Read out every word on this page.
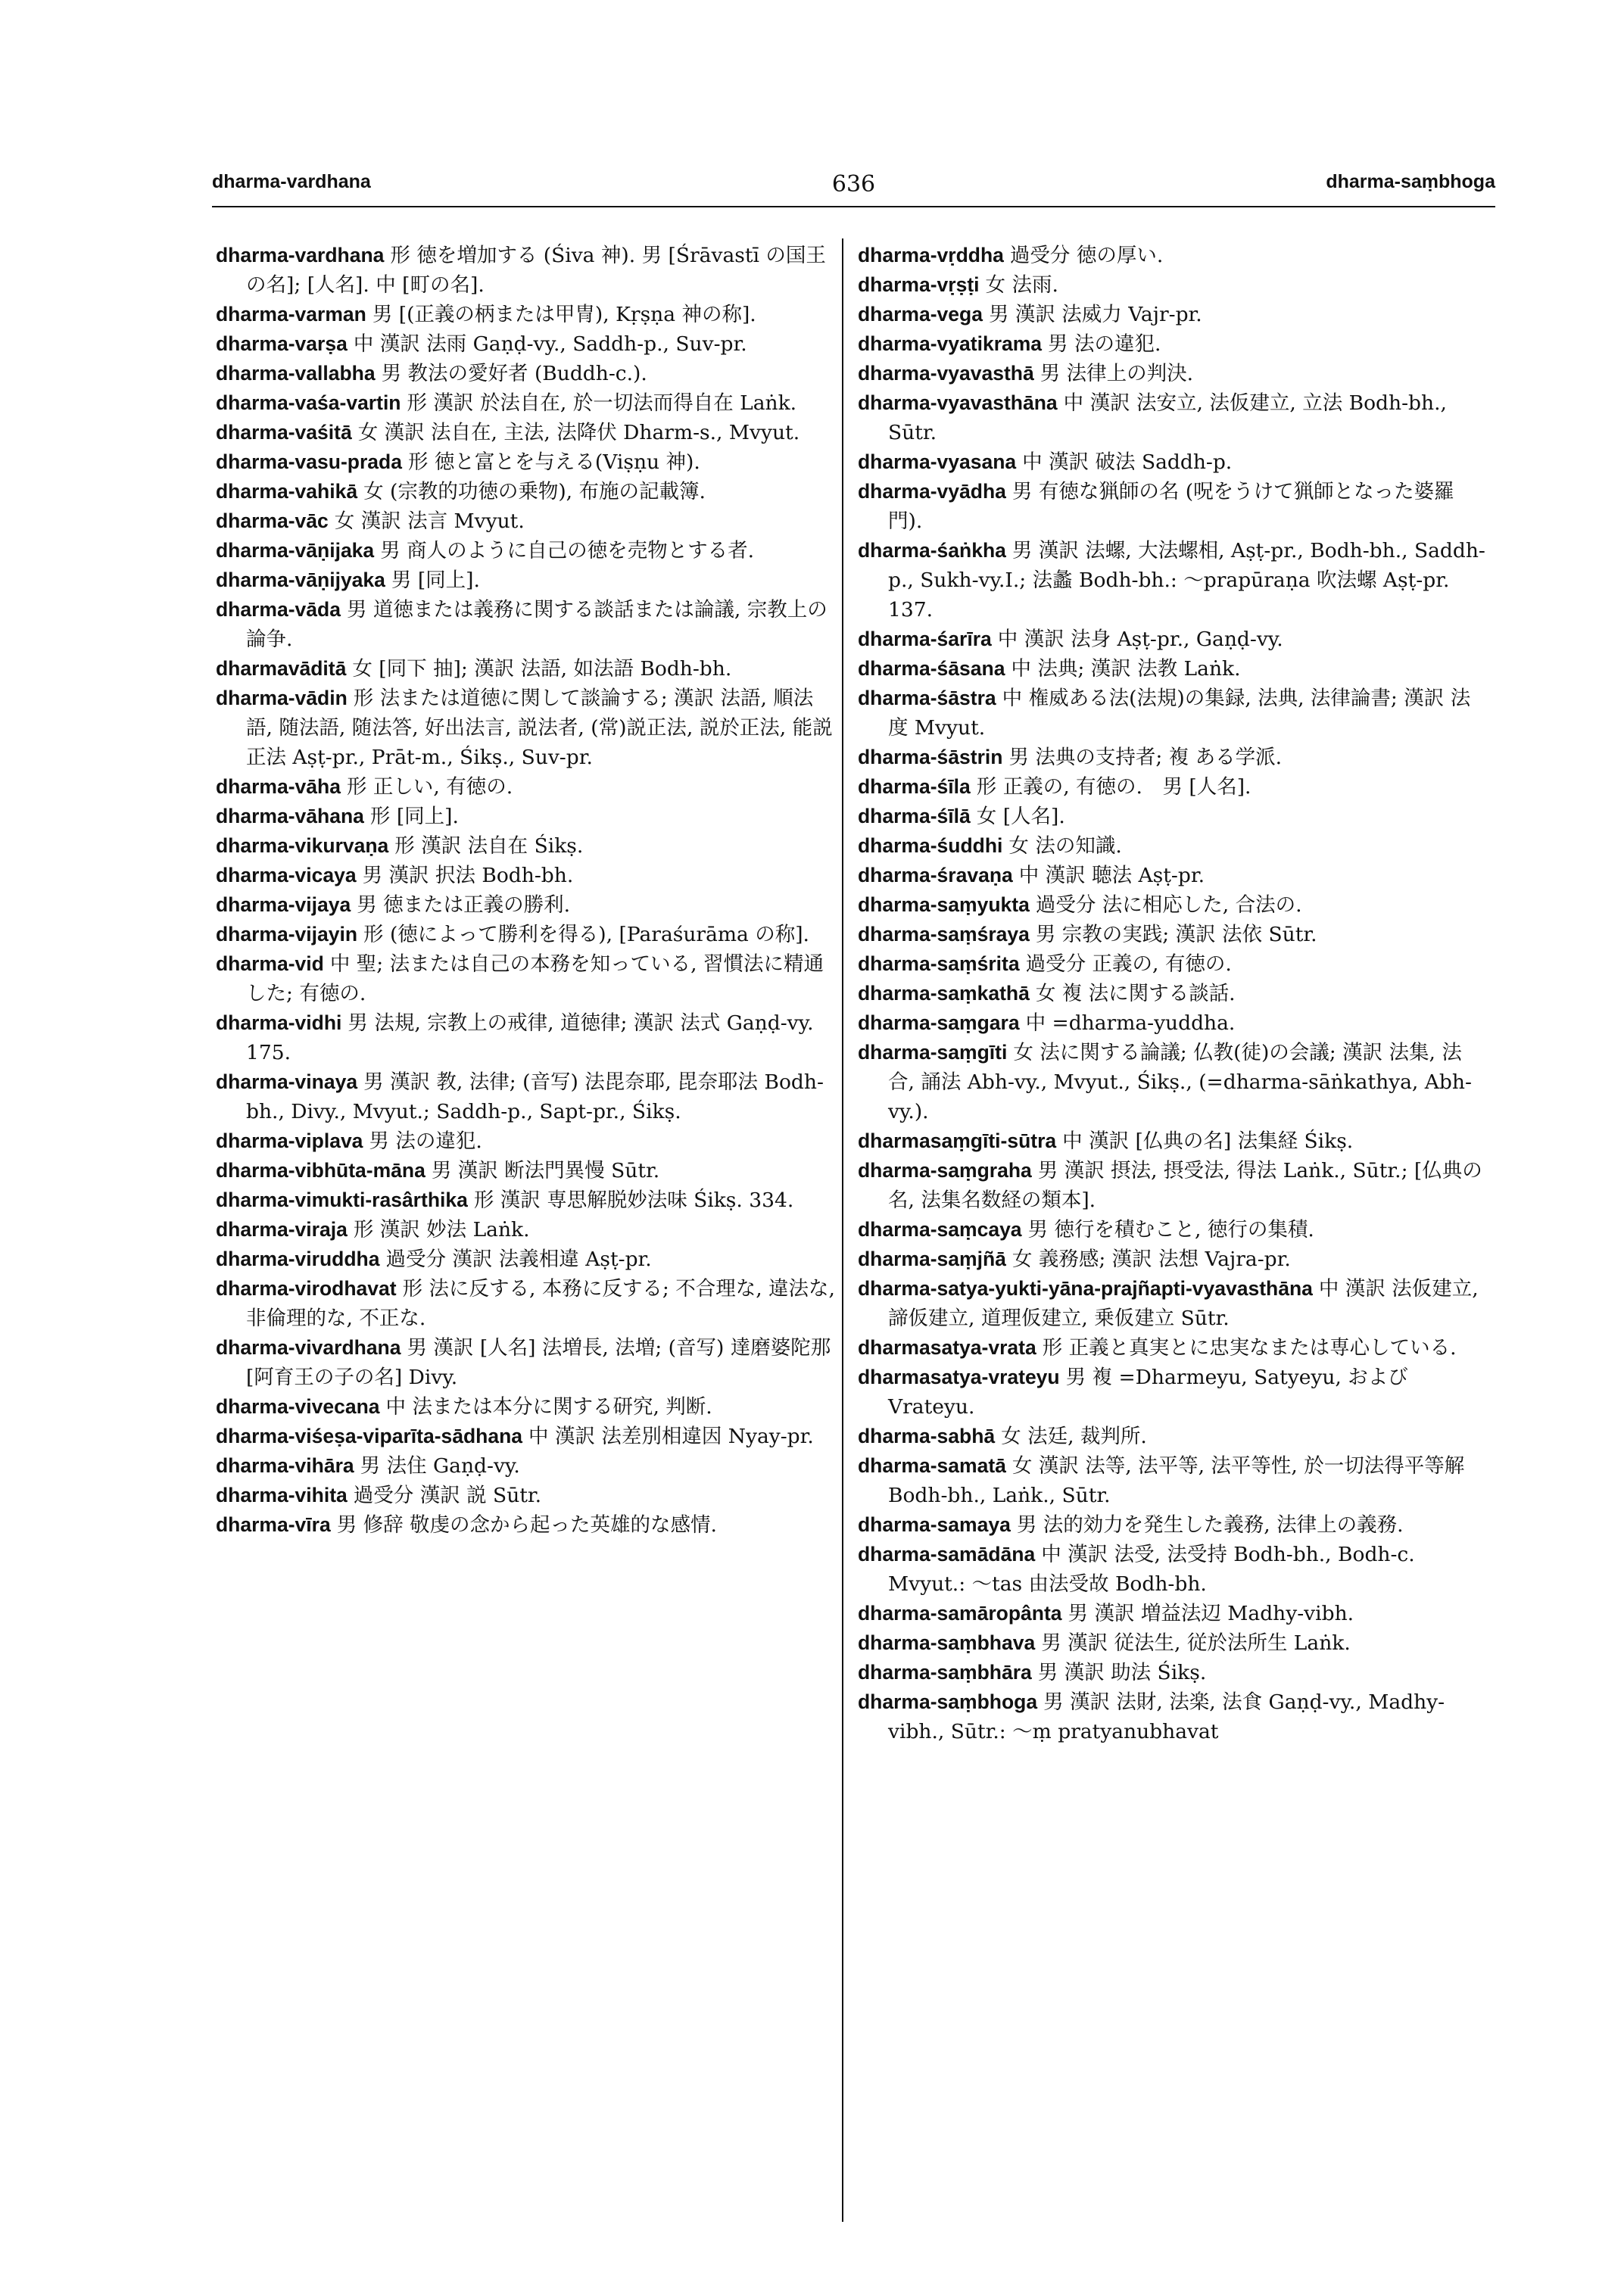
dharma-vardhana	636	dharma-saṃbhoga

dharma-vardhana 形 徳を増加する (Śiva 神). 男 [Śrāvastī の国王の名]; [人名]. 中 [町の名].

dharma-varman 男 [(正義の柄または甲冑), Kṛṣṇa 神の称].

dharma-varṣa 中 漢訳 法雨 Gaṇḍ-vy., Saddh-p., Suv-pr.

dharma-vallabha 男 教法の愛好者 (Buddh-c.).

dharma-vaśa-vartin 形 漢訳 於法自在, 於一切法而得自在 Laṅk.

dharma-vaśitā 女 漢訳 法自在, 主法, 法降伏 Dharm-s., Mvyut.

dharma-vasu-prada 形 徳と富とを与える(Viṣṇu 神).

dharma-vahikā 女 (宗教的功徳の乗物), 布施の記載簿.

dharma-vāc 女 漢訳 法言 Mvyut.

dharma-vāṇijaka 男 商人のように自己の徳を売物とする者.

dharma-vāṇijyaka 男 [同上].

dharma-vāda 男 道徳または義務に関する談話または論議, 宗教上の論争.

dharmavāditā 女 [同下 抽]; 漢訳 法語, 如法語 Bodh-bh.

dharma-vādin 形 法または道徳に関して談論する; 漢訳 法語, 順法語, 随法語, 随法答, 好出法言, 説法者, (常)説正法, 説於正法, 能説正法 Aṣṭ-pr., Prāt-m., Śikṣ., Suv-pr.

dharma-vāha 形 正しい, 有徳の.

dharma-vāhana 形 [同上].

dharma-vikurvaṇa 形 漢訳 法自在 Śikṣ.

dharma-vicaya 男 漢訳 択法 Bodh-bh.

dharma-vijaya 男 徳または正義の勝利.

dharma-vijayin 形 (徳によって勝利を得る), [Paraśurāma の称].

dharma-vid 中 聖; 法または自己の本務を知っている, 習慣法に精通した; 有徳の.

dharma-vidhi 男 法規, 宗教上の戒律, 道徳律; 漢訳 法式 Gaṇḍ-vy. 175.

dharma-vinaya 男 漢訳 教, 法律; (音写) 法毘奈耶, 毘奈耶法 Bodh-bh., Divy., Mvyut.; Saddh-p., Sapt-pr., Śikṣ.

dharma-viplava 男 法の違犯.

dharma-vibhūta-māna 男 漢訳 断法門異慢 Sūtr.

dharma-vimukti-rasârthika 形 漢訳 専思解脱妙法味 Śikṣ. 334.

dharma-viraja 形 漢訳 妙法 Laṅk.

dharma-viruddha 過受分 漢訳 法義相違 Aṣṭ-pr.

dharma-virodhavat 形 法に反する, 本務に反する; 不合理な, 違法な, 非倫理的な, 不正な.

dharma-vivardhana 男 漢訳 [人名] 法増長, 法増; (音写) 達磨婆陀那 [阿育王の子の名] Divy.

dharma-vivecana 中 法または本分に関する研究, 判断.

dharma-viśeṣa-viparīta-sādhana 中 漢訳 法差別相違因 Nyay-pr.

dharma-vihāra 男 法住 Gaṇḍ-vy.

dharma-vihita 過受分 漢訳 説 Sūtr.

dharma-vīra 男 修辞 敬虔の念から起った英雄的な感情.

dharma-vṛddha 過受分 徳の厚い.

dharma-vṛṣṭi 女 法雨.

dharma-vega 男 漢訳 法威力 Vajr-pr.

dharma-vyatikrama 男 法の違犯.

dharma-vyavasthā 男 法律上の判決.

dharma-vyavasthāna 中 漢訳 法安立, 法仮建立, 立法 Bodh-bh., Sūtr.

dharma-vyasana 中 漢訳 破法 Saddh-p.

dharma-vyādha 男 有徳な猟師の名 (呪をうけて猟師となった婆羅門).

dharma-śaṅkha 男 漢訳 法螺, 大法螺相, Aṣṭ-pr., Bodh-bh., Saddh-p., Sukh-vy.I.; 法蠡 Bodh-bh.: 〜prapūraṇa 吹法螺 Aṣṭ-pr. 137.

dharma-śarīra 中 漢訳 法身 Aṣṭ-pr., Gaṇḍ-vy.

dharma-śāsana 中 法典; 漢訳 法教 Laṅk.

dharma-śāstra 中 権威ある法(法規)の集録, 法典, 法律論書; 漢訳 法度 Mvyut.

dharma-śāstrin 男 法典の支持者; 複 ある学派.

dharma-śīla 形 正義の, 有徳の.　男 [人名].

dharma-śīlā 女 [人名].

dharma-śuddhi 女 法の知識.

dharma-śravaṇa 中 漢訳 聴法 Aṣṭ-pr.

dharma-saṃyukta 過受分 法に相応した, 合法の.

dharma-saṃśraya 男 宗教の実践; 漢訳 法依 Sūtr.

dharma-saṃśrita 過受分 正義の, 有徳の.

dharma-saṃkathā 女 複 法に関する談話.

dharma-saṃgara 中 =dharma-yuddha.

dharma-saṃgīti 女 法に関する論議; 仏教(徒)の会議; 漢訳 法集, 法合, 誦法 Abh-vy., Mvyut., Śikṣ., (=dharma-sāṅkathya, Abh-vy.).

dharmasaṃgīti-sūtra 中 漢訳 [仏典の名] 法集経 Śikṣ.

dharma-saṃgraha 男 漢訳 摂法, 摂受法, 得法 Laṅk., Sūtr.; [仏典の名, 法集名数経の類本].

dharma-saṃcaya 男 徳行を積むこと, 徳行の集積.

dharma-saṃjñā 女 義務感; 漢訳 法想 Vajra-pr.

dharma-satya-yukti-yāna-prajñapti-vyavasthāna 中 漢訳 法仮建立, 諦仮建立, 道理仮建立, 乗仮建立 Sūtr.

dharmasatya-vrata 形 正義と真実とに忠実なまたは専心している.

dharmasatya-vrateyu 男 複 =Dharmeyu, Satyeyu, および Vrateyu.

dharma-sabhā 女 法廷, 裁判所.

dharma-samatā 女 漢訳 法等, 法平等, 法平等性, 於一切法得平等解 Bodh-bh., Laṅk., Sūtr.

dharma-samaya 男 法的効力を発生した義務, 法律上の義務.

dharma-samādāna 中 漢訳 法受, 法受持 Bodh-bh., Bodh-c. Mvyut.: 〜tas 由法受故 Bodh-bh.

dharma-samāropânta 男 漢訳 増益法辺 Madhy-vibh.

dharma-saṃbhava 男 漢訳 従法生, 従於法所生 Laṅk.

dharma-saṃbhāra 男 漢訳 助法 Śikṣ.

dharma-saṃbhoga 男 漢訳 法財, 法楽, 法食 Gaṇḍ-vy., Madhy-vibh., Sūtr.: 〜ṃ pratyanubhavat
